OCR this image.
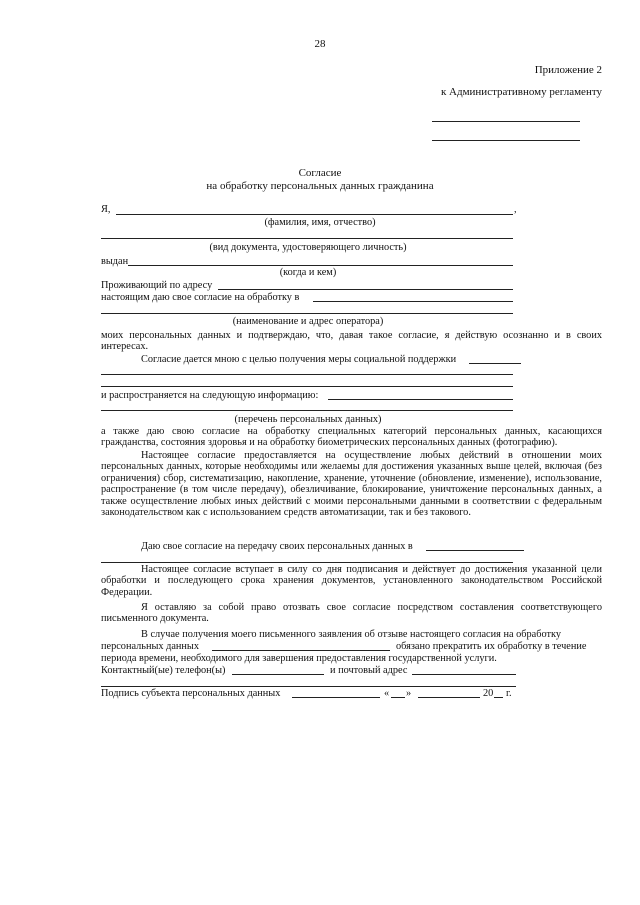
28
Приложение 2
к Административному регламенту
Согласие
на обработку персональных данных гражданина
Я,	,
(фамилия, имя, отчество)
(вид документа, удостоверяющего личность)
выдан
(когда и кем)
Проживающий по адресу
настоящим даю свое согласие на обработку в
(наименование и адрес оператора)
моих персональных данных и подтверждаю, что, давая такое согласие, я действую осознанно и в своих интересах.
Согласие дается мною с целью получения меры социальной поддержки
и распространяется на следующую информацию:
(перечень персональных данных)
а также даю свою согласие на обработку специальных категорий персональных данных, касающихся гражданства, состояния здоровья и на обработку биометрических персональных данных (фотографию).
Настоящее согласие предоставляется на осуществление любых действий в отношении моих персональных данных, которые необходимы или желаемы для достижения указанных выше целей, включая (без ограничения) сбор, систематизацию, накопление, хранение, уточнение (обновление, изменение), использование, распространение (в том числе передачу), обезличивание, блокирование, уничтожение персональных данных, а также осуществление любых иных действий с моими персональными данными в соответствии с федеральным законодательством как с использованием средств автоматизации, так и без такового.
Даю свое согласие на передачу своих персональных данных в
Настоящее согласие вступает в силу со дня подписания и действует до достижения указанной цели обработки и последующего срока хранения документов, установленного законодательством Российской Федерации.
Я оставляю за собой право отозвать свое согласие посредством составления соответствующего письменного документа.
В случае получения моего письменного заявления об отзыве настоящего согласия на обработку
персональных данных	обязано прекратить их обработку в течение
периода времени, необходимого для завершения предоставления государственной услуги.
Контактный(ые) телефон(ы)	и почтовый адрес
Подпись субъекта персональных данных	« »	20 г.
